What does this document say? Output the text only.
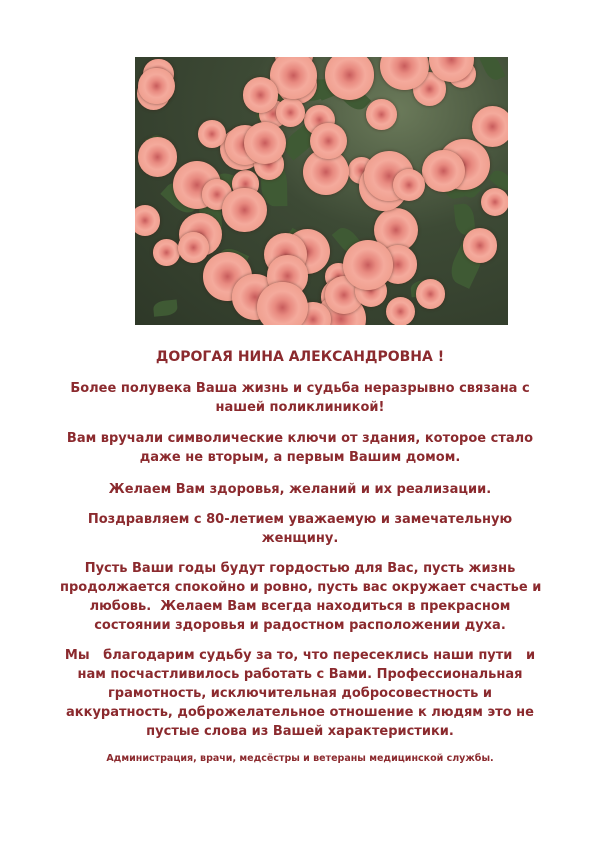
ДОРОГАЯ НИНА АЛЕКСАНДРОВНА !
Более полувека Ваша жизнь и судьба неразрывно связана с
нашей поликлиникой!
Вам вручали символические ключи от здания, которое стало
даже не вторым, а первым Вашим домом.
Желаем Вам здоровья, желаний и их реализации.
Поздравляем с 80-летием уважаемую и замечательную
женщину.
Пусть Ваши годы будут гордостью для Вас, пусть жизнь
продолжается спокойно и ровно, пусть вас окружает счастье и
любовь.  Желаем Вам всегда находиться в прекрасном
состоянии здоровья и радостном расположении духа.
Мы   благодарим судьбу за то, что пересеклись наши пути   и
нам посчастливилось работать с Вами. Профессиональная
грамотность, исключительная добросовестность и
аккуратность, доброжелательное отношение к людям это не
пустые слова из Вашей характеристики.
Администрация, врачи, медсёстры и ветераны медицинской службы.
